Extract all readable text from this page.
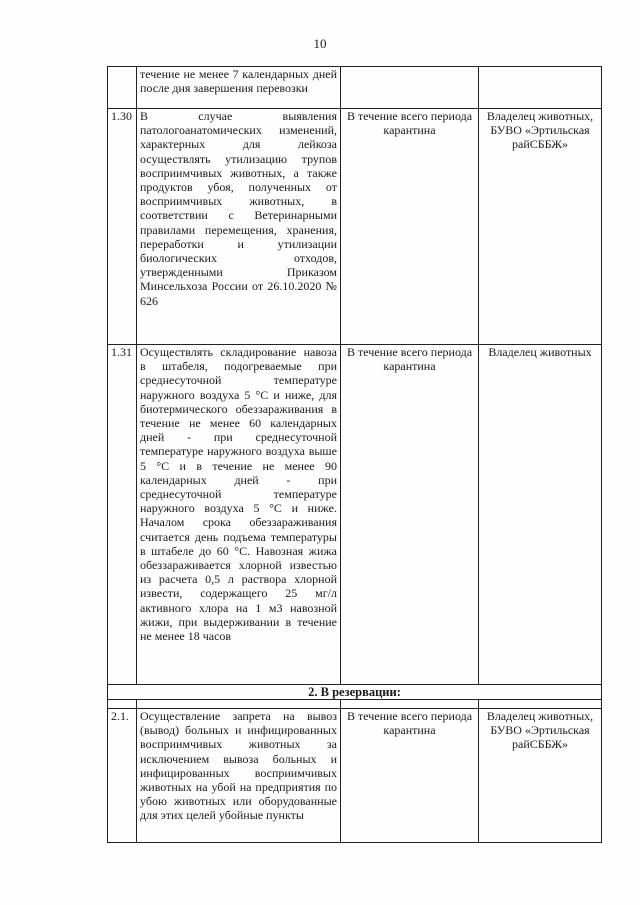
10
	течение не менее 7 календарных дней после дня завершения перевозки		
1.30	В случае выявления патологоанатомических изменений, характерных для лейкоза осуществлять утилизацию трупов восприимчивых животных, а также продуктов убоя, полученных от восприимчивых животных, в соответствии с Ветеринарными правилами перемещения, хранения, переработки и утилизации биологических отходов, утвержденными Приказом Минсельхоза России от 26.10.2020 № 626	В течение всего периода карантина	Владелец животных, БУВО «Эртильская райСББЖ»
1.31	Осуществлять складирование навоза в штабеля, подогреваемые при среднесуточной температуре наружного воздуха 5 °С и ниже, для биотермического обеззараживания в течение не менее 60 календарных дней - при среднесуточной температуре наружного воздуха выше 5 °С и в течение не менее 90 календарных дней - при среднесуточной температуре наружного воздуха 5 °С и ниже. Началом срока обеззараживания считается день подъема температуры в штабеле до 60 °С. Навозная жижа обеззараживается хлорной известью из расчета 0,5 л раствора хлорной извести, содержащего 25 мг/л активного хлора на 1 м3 навозной жижи, при выдерживании в течение не менее 18 часов	В течение всего периода карантина	Владелец животных
2. В резервации:			

2.1.	Осуществление запрета на вывоз (вывод) больных и инфицированных восприимчивых животных за исключением вывоза больных и инфицированных восприимчивых животных на убой на предприятия по убою животных или оборудованные для этих целей убойные пункты	В течение всего периода карантина	Владелец животных, БУВО «Эртильская райСББЖ»
